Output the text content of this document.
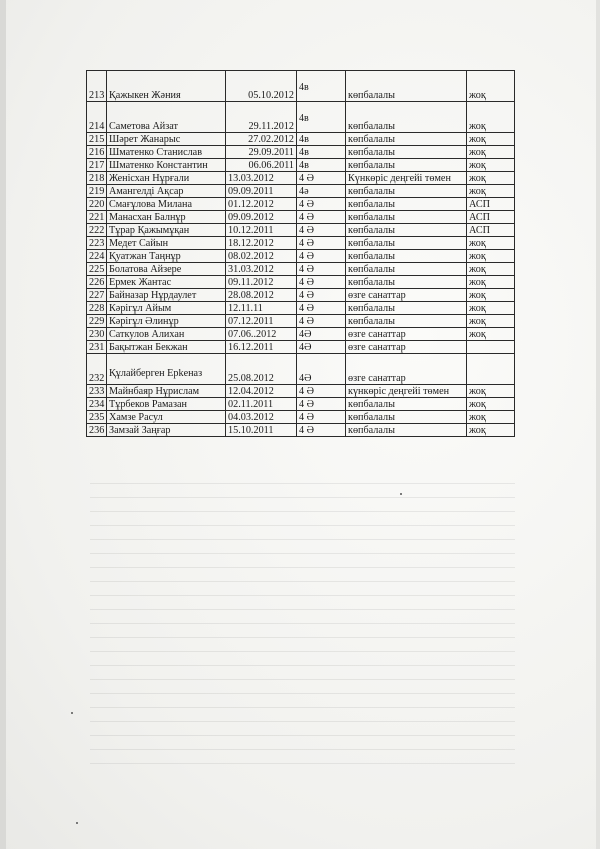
213	Қажыкен Жәния	05.10.2012	4в	көпбалалы	жоқ
214	Саметова Айзат	29.11.2012	4в	көпбалалы	жоқ
215	Шәрет Жанарыс	27.02.2012	4в	көпбалалы	жоқ
216	Шматенко Станислав	29.09.2011	4в	көпбалалы	жоқ
217	Шматенко Константин	06.06.2011	4в	көпбалалы	жоқ
218	Женісхан Нұрғали	13.03.2012	4 Ә	Күнкөріс деңгейі төмен	жоқ
219	Амангелді Ақсар	09.09.2011	4ә	көпбалалы	жоқ
220	Смағұлова Милана	01.12.2012	4 Ә	көпбалалы	АСП
221	Манасхан Балнұр	09.09.2012	4 Ә	көпбалалы	АСП
222	Тұрар Қажымұқан	10.12.2011	4 Ә	көпбалалы	АСП
223	Медет Сайын	18.12.2012	4 Ә	көпбалалы	жоқ
224	Қуатжан Таңнұр	08.02.2012	4 Ә	көпбалалы	жоқ
225	Болатова Айзере	31.03.2012	4 Ә	көпбалалы	жоқ
226	Ермек Жантас	09.11.2012	4 Ә	көпбалалы	жоқ
227	Байназар Нұрдаулет	28.08.2012	4 Ә	өзге санаттар	жоқ
228	Кәрігұл Айым	12.11.11	4 Ә	көпбалалы	жоқ
229	Кәрігұл Әлинұр	07.12.2011	4 Ә	көпбалалы	жоқ
230	Саткулов Алихан	07.06..2012	4Ә	өзге санаттар	жоқ
231	Бақытжан Бекжан	16.12.2011	4Ә	өзге санаттар	
232	Құлайберген Ерkеназ	25.08.2012	4Ә	өзге санаттар	
233	Майнбаяр Нұрислам	12.04.2012	4 Ә	күнкөріс деңгейі төмен	жоқ
234	Тұрбеков Рамазан	02.11.2011	4 Ә	көпбалалы	жоқ
235	Хамзе Расул	04.03.2012	4 Ә	көпбалалы	жоқ
236	Замзай Заңғар	15.10.2011	4 Ә	көпбалалы	жоқ
